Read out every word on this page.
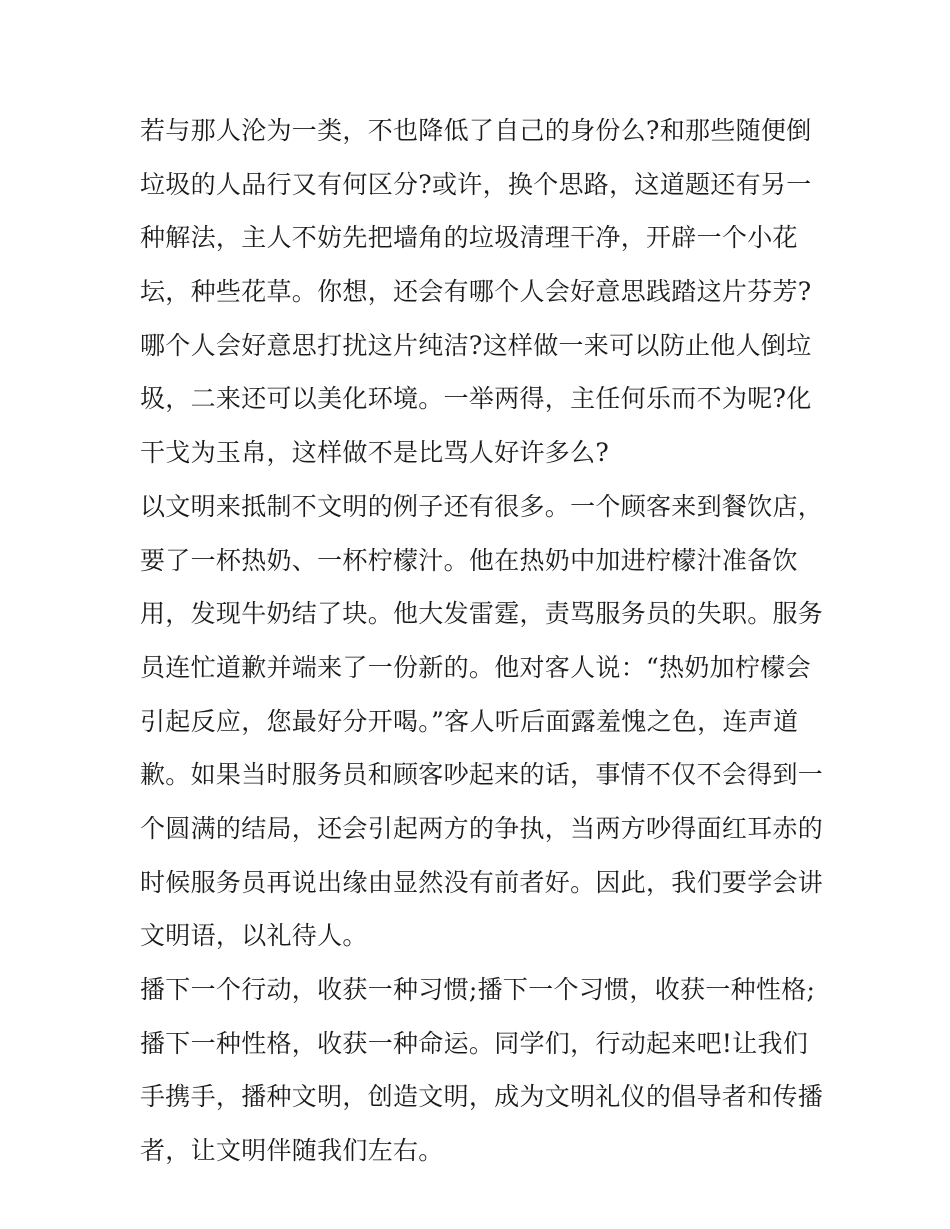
若与那人沦为一类，不也降低了自己的身份么?和那些随便倒
垃圾的人品行又有何区分?或许，换个思路，这道题还有另一
种解法，主人不妨先把墙角的垃圾清理干净，开辟一个小花
坛，种些花草。你想，还会有哪个人会好意思践踏这片芬芳?
哪个人会好意思打扰这片纯洁?这样做一来可以防止他人倒垃
圾，二来还可以美化环境。一举两得，主任何乐而不为呢?化
干戈为玉帛，这样做不是比骂人好许多么?
以文明来抵制不文明的例子还有很多。一个顾客来到餐饮店，
要了一杯热奶、一杯柠檬汁。他在热奶中加进柠檬汁准备饮
用，发现牛奶结了块。他大发雷霆，责骂服务员的失职。服务
员连忙道歉并端来了一份新的。他对客人说：“热奶加柠檬会
引起反应，您最好分开喝。”客人听后面露羞愧之色，连声道
歉。如果当时服务员和顾客吵起来的话，事情不仅不会得到一
个圆满的结局，还会引起两方的争执，当两方吵得面红耳赤的
时候服务员再说出缘由显然没有前者好。因此，我们要学会讲
文明语，以礼待人。
播下一个行动，收获一种习惯;播下一个习惯，收获一种性格;
播下一种性格，收获一种命运。同学们，行动起来吧!让我们
手携手，播种文明，创造文明，成为文明礼仪的倡导者和传播
者，让文明伴随我们左右。
